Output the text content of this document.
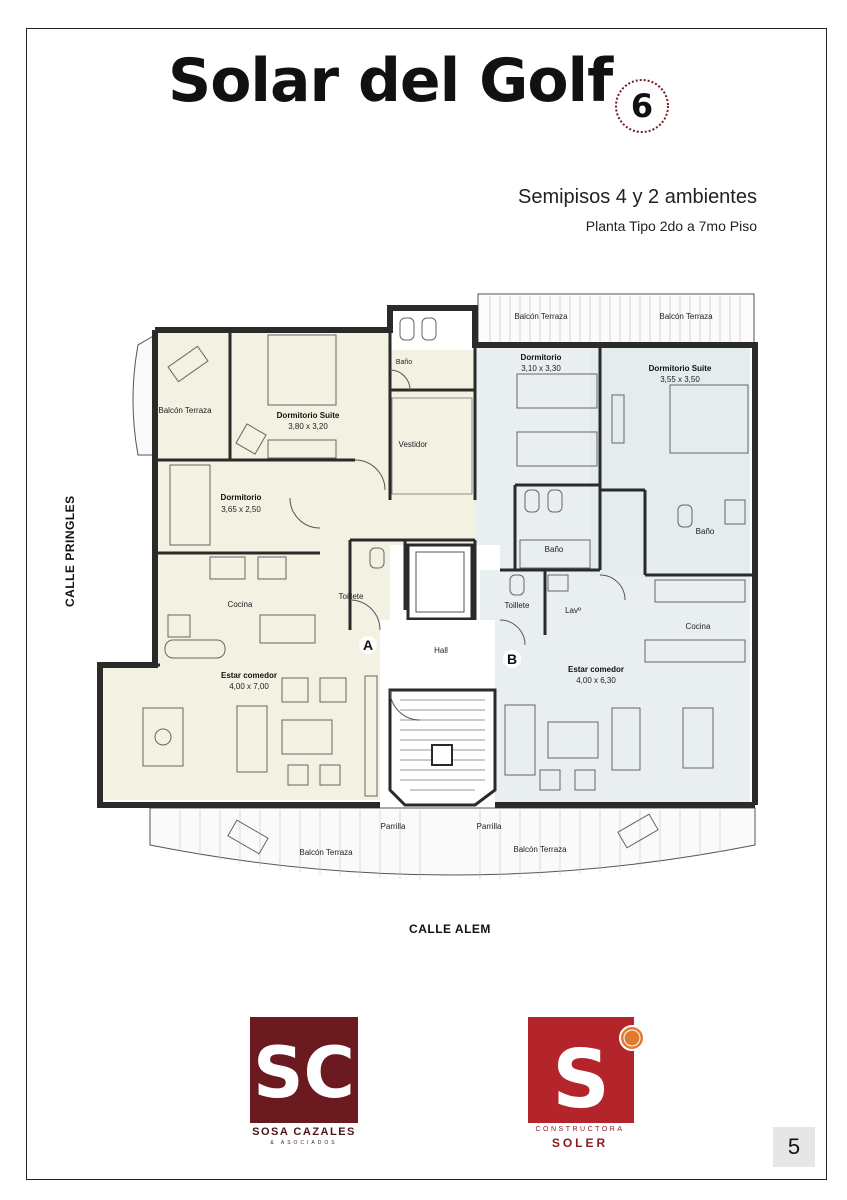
Solar del Golf 6
Semipisos 4 y 2 ambientes
Planta Tipo 2do a 7mo Piso
Balcón Terraza
Dormitorio Suite
3,80 x 3,20
Baño
Vestidor
Dormitorio
3,65 x 2,50
Cocina
Toillete
Estar comedor
4,00 x 7,00
Hall
A
B
Balcón Terraza	Balcón Terraza
Dormitorio
3,10 x 3,30	Dormitorio Suite
3,55 x 3,50
Baño
Baño
Toillete
Lavº
Cocina
Estar comedor
4,00 x 6,30
Parrilla	Parrilla
Balcón Terraza	Balcón Terraza
CALLE PRINGLES
CALLE ALEM
SC
SOSA CAZALES
& ASOCIADOS
S
CONSTRUCTORA
SOLER	5
